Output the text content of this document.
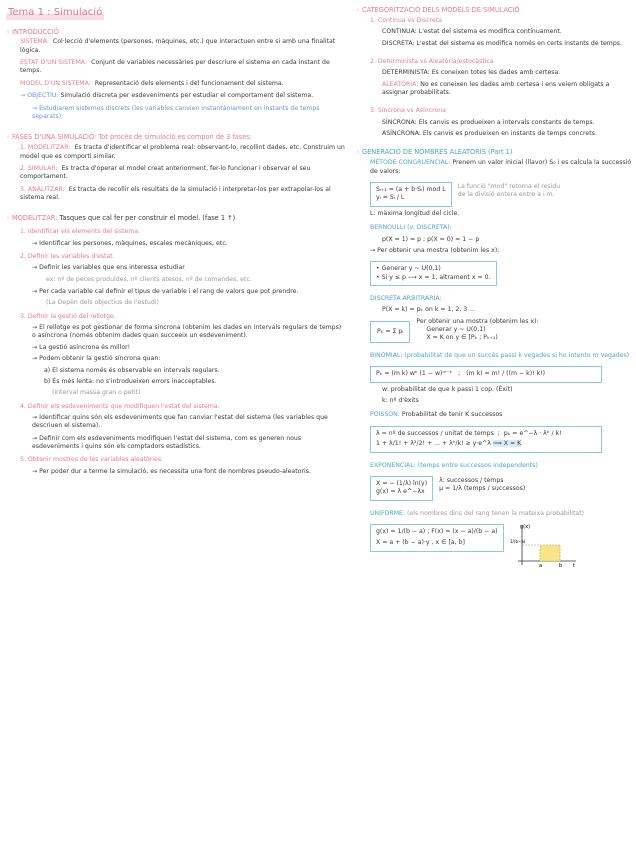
Tema 1 : Simulació
◦ INTRODUCCIÓ
SISTEMA: Col·lecció d'elements (persones, màquines, etc.) que interactuen entre si amb una finalitat lògica.
ESTAT D'UN SISTEMA: Conjunt de variables necessàries per descriure el sistema en cada instant de temps.
MODEL D'UN SISTEMA: Representació dels elements i del funcionament del sistema.
→ OBJECTIU: Simulació discreta per esdeveniments per estudiar el comportament del sistema.
→ Estudiarem sistemes discrets (les variables canvien instantàniament en instants de temps separats).
◦ FASES D'UNA SIMULACIÓ: Tot procés de simulació es compon de 3 fases:
1. MODELITZAR: Es tracta d'identificar el problema real: observant-lo, recollint dades, etc. Construim un model que es comporti similar.
2. SIMULAR: Es tracta d'operar el model creat anteriorment, fer-lo funcionar i observar el seu comportament.
3. ANALITZAR: Es tracta de recollir els resultats de la simulació i interpretar-los per extrapolar-los al sistema real.
◦ MODELITZAR: Tasques que cal fer per construir el model. (fase 1 ↑)
1. Identificar els elements del sistema.
→ Identificar les persones, màquines, escales mecàniques, etc.
2. Definir les variables d'estat.
→ Definir les variables que ens interessa estudiar
ex: nº de peces produïdes, nº clients atesos, nº de comandes, etc.
→ Per cada variable cal definir el tipus de variable i el rang de valors que pot prendre.
(La Depèn dels objectius de l'estudi)
3. Definir la gestió del rellotge.
→ El rellotge es pot gestionar de forma síncrona (obtenim les dades en intervals regulars de temps) o asíncrona (només obtenim dades quan succeeix un esdeveniment).
→ La gestió asíncrona és millor!
→ Podem obtenir la gestió síncrona quan:
a) El sistema només és observable en intervals regulars.
b) És més lenta: no s'introdueixen errors inacceptables.
(interval massa gran o petit)
4. Definir els esdeveniments que modifiquen l'estat del sistema.
→ Identificar quins són els esdeveniments que fan canviar l'estat del sistema (les variables que descriuen el sistema).
→ Definir com els esdeveniments modifiquen l'estat del sistema, com es generen nous esdeveniments i quins són els comptadors estadístics.
5. Obtenir mostres de les variables aleatòries.
→ Per poder dur a terme la simulació, es necessita una font de nombres pseudo-aleatoris.
◦ CATEGORITZACIÓ DELS MODELS DE SIMULACIÓ
1. Continua vs Discreta
CONTINUA: L'estat del sistema es modifica contínuament.
DISCRETA: L'estat del sistema es modifica només en certs instants de temps.
2. Determinista vs Aleatòria/estocàstica
DETERMINISTA: Es coneixen totes les dades amb certesa.
ALEATÒRIA: No es coneixen les dades amb certesa i ens veiem obligats a assignar probabilitats.
3. Síncrona vs Asíncrona
SÍNCRONA: Els canvis es produeixen a intervals constants de temps.
ASÍNCRONA: Els canvis es produeixen en instants de temps concrets.
◦ GENERACIÓ DE NOMBRES ALEATORIS (Part 1)
MÈTODE CONGRUENCIAL: Prenem un valor inicial (llavor) S₀ i es calcula la successió de valors:
Sᵢ₊₁ = (a + b·Sᵢ) mod L
yᵢ = Sᵢ / L
La funció "mod" retorna el residu de la divisió entera entre a i m.
L: màxima longitud del cicle.
BERNOULLI (v. DISCRETA):
p(X = 1) = p ; p(X = 0) = 1 − p
→ Per obtenir una mostra (obtenim les x):
• Generar y ~ U(0,1)
• Si y ≤ p ⟶ x = 1, altrament x = 0.
DISCRETA ARBITRÀRIA:
P(X = k) = pₖ on k = 1, 2, 3 ...
Pₖ = Σ pᵢ
Per obtenir una mostra (obtenim les x):
Generar y ~ U(0,1)
X = K on y ∈ [Pₖ ; Pₖ₊₁)
BINOMIAL: (probabilitat de que un succés passi k vegades si ho intento m vegades)
Pₖ = (m k) wᵏ (1 − w)ᵐ⁻ᵏ   ;   (m k) = m! / ((m − k)! k!)
w: probabilitat de que k passi 1 cop. (Èxit)
k: nº d'èxits
POISSON: Probabilitat de tenir K successos
λ = nº de successos / unitat de temps  ;  pₖ = e^−λ · λᵏ / k!
1 + λ/1! + λ²/2! + ... + λᵏ/k! ≥ y·e^λ ⟹ X = K
EXPONENCIAL: (temps entre successos independents)
X = − (1/λ) ln(y)
g(x) = λ e^−λx
λ: successos / temps
μ = 1/λ (temps / successos)
UNIFORME: (els nombres dins del rang tenen la mateixa probabilitat)
g(x) = 1/(b − a) ; F(x) = (x − a)/(b − a)
X = a + (b − a)·y , x ∈ [a, b]
g(x)
1/(b−a)
a	b t
